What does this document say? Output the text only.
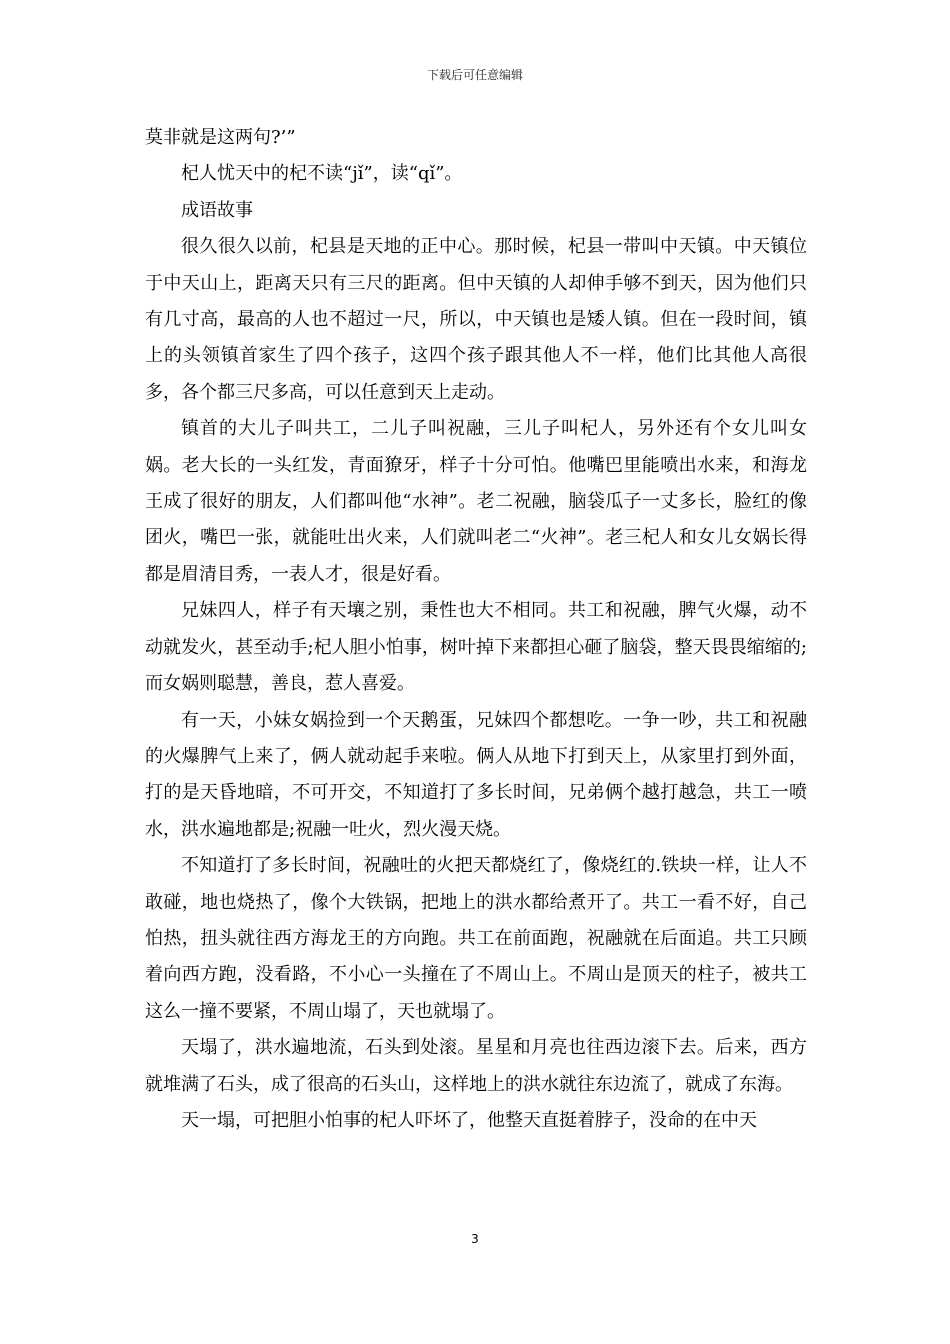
下载后可任意编辑

莫非就是这两句?’”

杞人忧天中的杞不读“jǐ”，读“qǐ”。

成语故事

很久很久以前，杞县是天地的正中心。那时候，杞县一带叫中天镇。中天镇位于中天山上，距离天只有三尺的距离。但中天镇的人却伸手够不到天，因为他们只有几寸高，最高的人也不超过一尺，所以，中天镇也是矮人镇。但在一段时间，镇上的头领镇首家生了四个孩子，这四个孩子跟其他人不一样，他们比其他人高很多，各个都三尺多高，可以任意到天上走动。

镇首的大儿子叫共工，二儿子叫祝融，三儿子叫杞人，另外还有个女儿叫女娲。老大长的一头红发，青面獠牙，样子十分可怕。他嘴巴里能喷出水来，和海龙王成了很好的朋友，人们都叫他“水神”。老二祝融，脑袋瓜子一丈多长，脸红的像团火，嘴巴一张，就能吐出火来，人们就叫老二“火神”。老三杞人和女儿女娲长得都是眉清目秀，一表人才，很是好看。

兄妹四人，样子有天壤之别，秉性也大不相同。共工和祝融，脾气火爆，动不动就发火，甚至动手;杞人胆小怕事，树叶掉下来都担心砸了脑袋，整天畏畏缩缩的;而女娲则聪慧，善良，惹人喜爱。

有一天，小妹女娲捡到一个天鹅蛋，兄妹四个都想吃。一争一吵，共工和祝融的火爆脾气上来了，俩人就动起手来啦。俩人从地下打到天上，从家里打到外面，打的是天昏地暗，不可开交，不知道打了多长时间，兄弟俩个越打越急，共工一喷水，洪水遍地都是;祝融一吐火，烈火漫天烧。

不知道打了多长时间，祝融吐的火把天都烧红了，像烧红的.铁块一样，让人不敢碰，地也烧热了，像个大铁锅，把地上的洪水都给煮开了。共工一看不好，自己怕热，扭头就往西方海龙王的方向跑。共工在前面跑，祝融就在后面追。共工只顾着向西方跑，没看路，不小心一头撞在了不周山上。不周山是顶天的柱子，被共工这么一撞不要紧，不周山塌了，天也就塌了。

天塌了，洪水遍地流，石头到处滚。星星和月亮也往西边滚下去。后来，西方就堆满了石头，成了很高的石头山，这样地上的洪水就往东边流了，就成了东海。

天一塌，可把胆小怕事的杞人吓坏了，他整天直挺着脖子，没命的在中天

3
